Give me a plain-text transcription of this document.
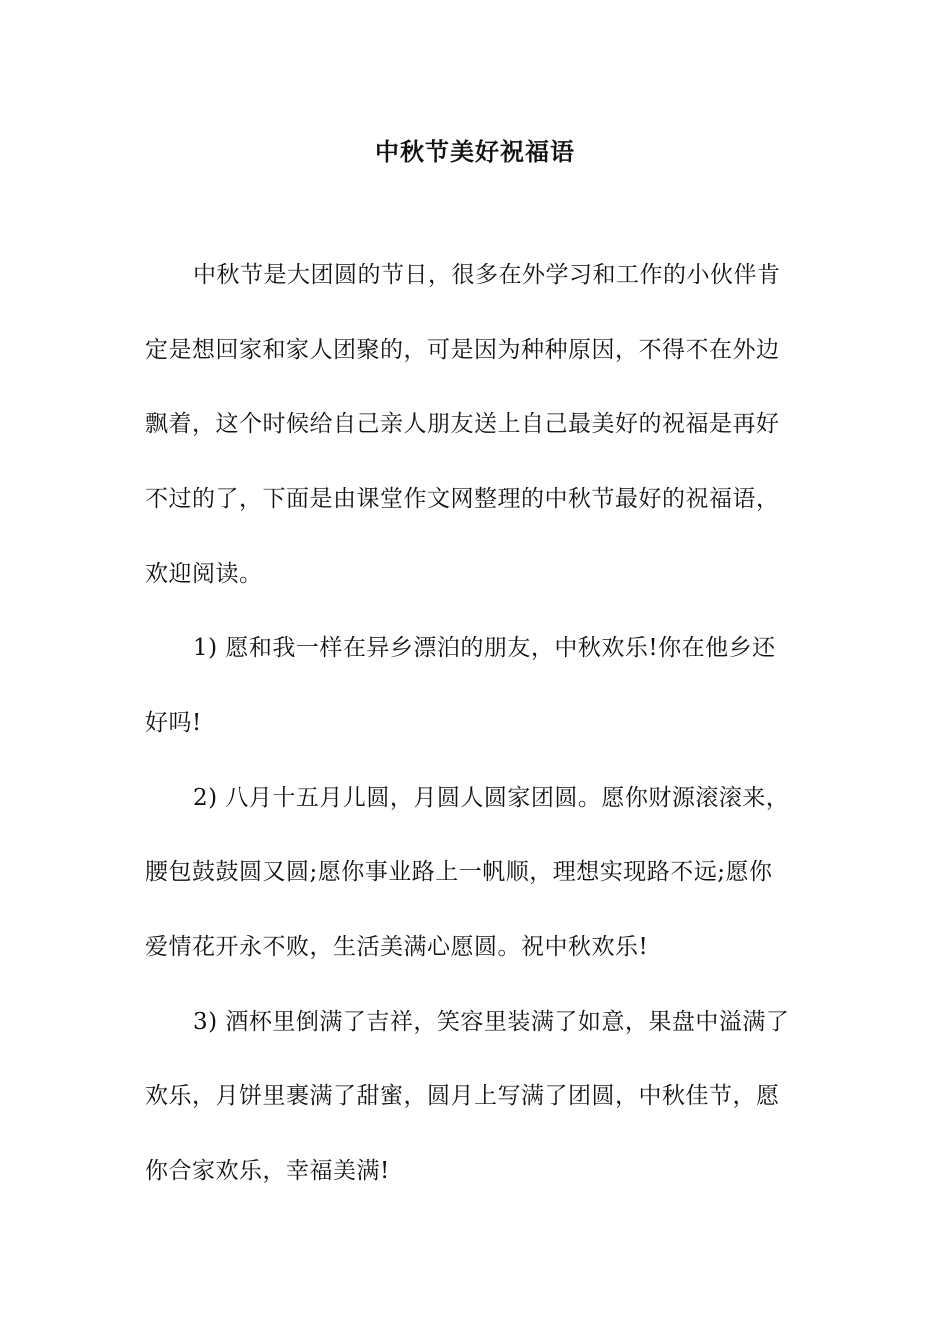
中秋节美好祝福语
中秋节是大团圆的节日，很多在外学习和工作的小伙伴肯
定是想回家和家人团聚的，可是因为种种原因，不得不在外边
飘着，这个时候给自己亲人朋友送上自己最美好的祝福是再好
不过的了，下面是由课堂作文网整理的中秋节最好的祝福语，
欢迎阅读。
1) 愿和我一样在异乡漂泊的朋友，中秋欢乐!你在他乡还
好吗!
2) 八月十五月儿圆，月圆人圆家团圆。愿你财源滚滚来，
腰包鼓鼓圆又圆;愿你事业路上一帆顺，理想实现路不远;愿你
爱情花开永不败，生活美满心愿圆。祝中秋欢乐!
3) 酒杯里倒满了吉祥，笑容里装满了如意，果盘中溢满了
欢乐，月饼里裹满了甜蜜，圆月上写满了团圆，中秋佳节，愿
你合家欢乐，幸福美满!
